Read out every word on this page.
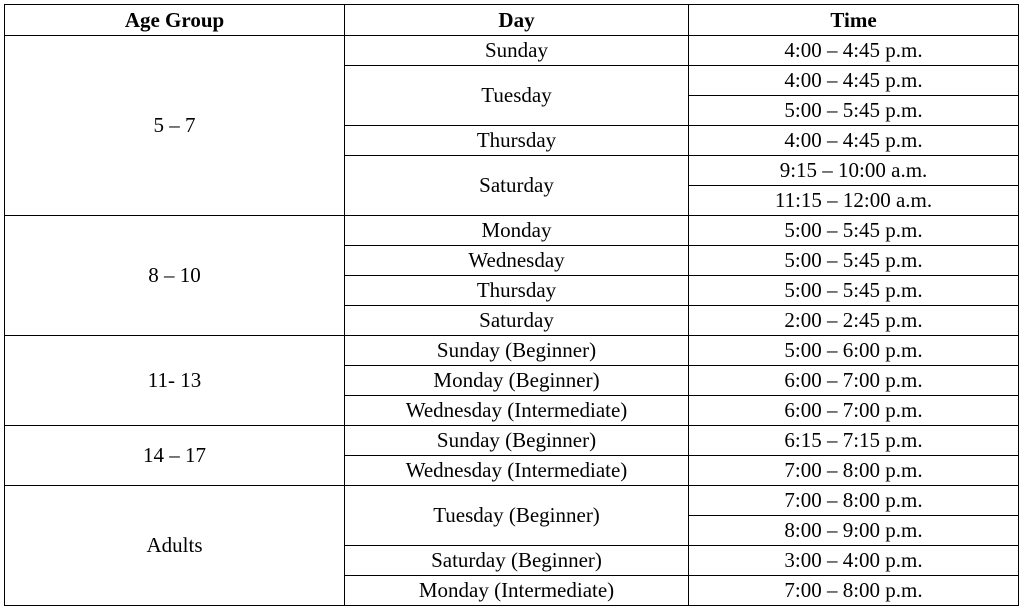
Age Group	Day	Time
5 – 7	Sunday	4:00 – 4:45 p.m.
	Tuesday	4:00 – 4:45 p.m.
		5:00 – 5:45 p.m.
	Thursday	4:00 – 4:45 p.m.
	Saturday	9:15 – 10:00 a.m.
		11:15 – 12:00 a.m.
8 – 10	Monday	5:00 – 5:45 p.m.
	Wednesday	5:00 – 5:45 p.m.
	Thursday	5:00 – 5:45 p.m.
	Saturday	2:00 – 2:45 p.m.
11- 13	Sunday (Beginner)	5:00 – 6:00 p.m.
	Monday (Beginner)	6:00 – 7:00 p.m.
	Wednesday (Intermediate)	6:00 – 7:00 p.m.
14 – 17	Sunday (Beginner)	6:15 – 7:15 p.m.
	Wednesday (Intermediate)	7:00 – 8:00 p.m.
Adults	Tuesday (Beginner)	7:00 – 8:00 p.m.
		8:00 – 9:00 p.m.
	Saturday (Beginner)	3:00 – 4:00 p.m.
	Monday (Intermediate)	7:00 – 8:00 p.m.
